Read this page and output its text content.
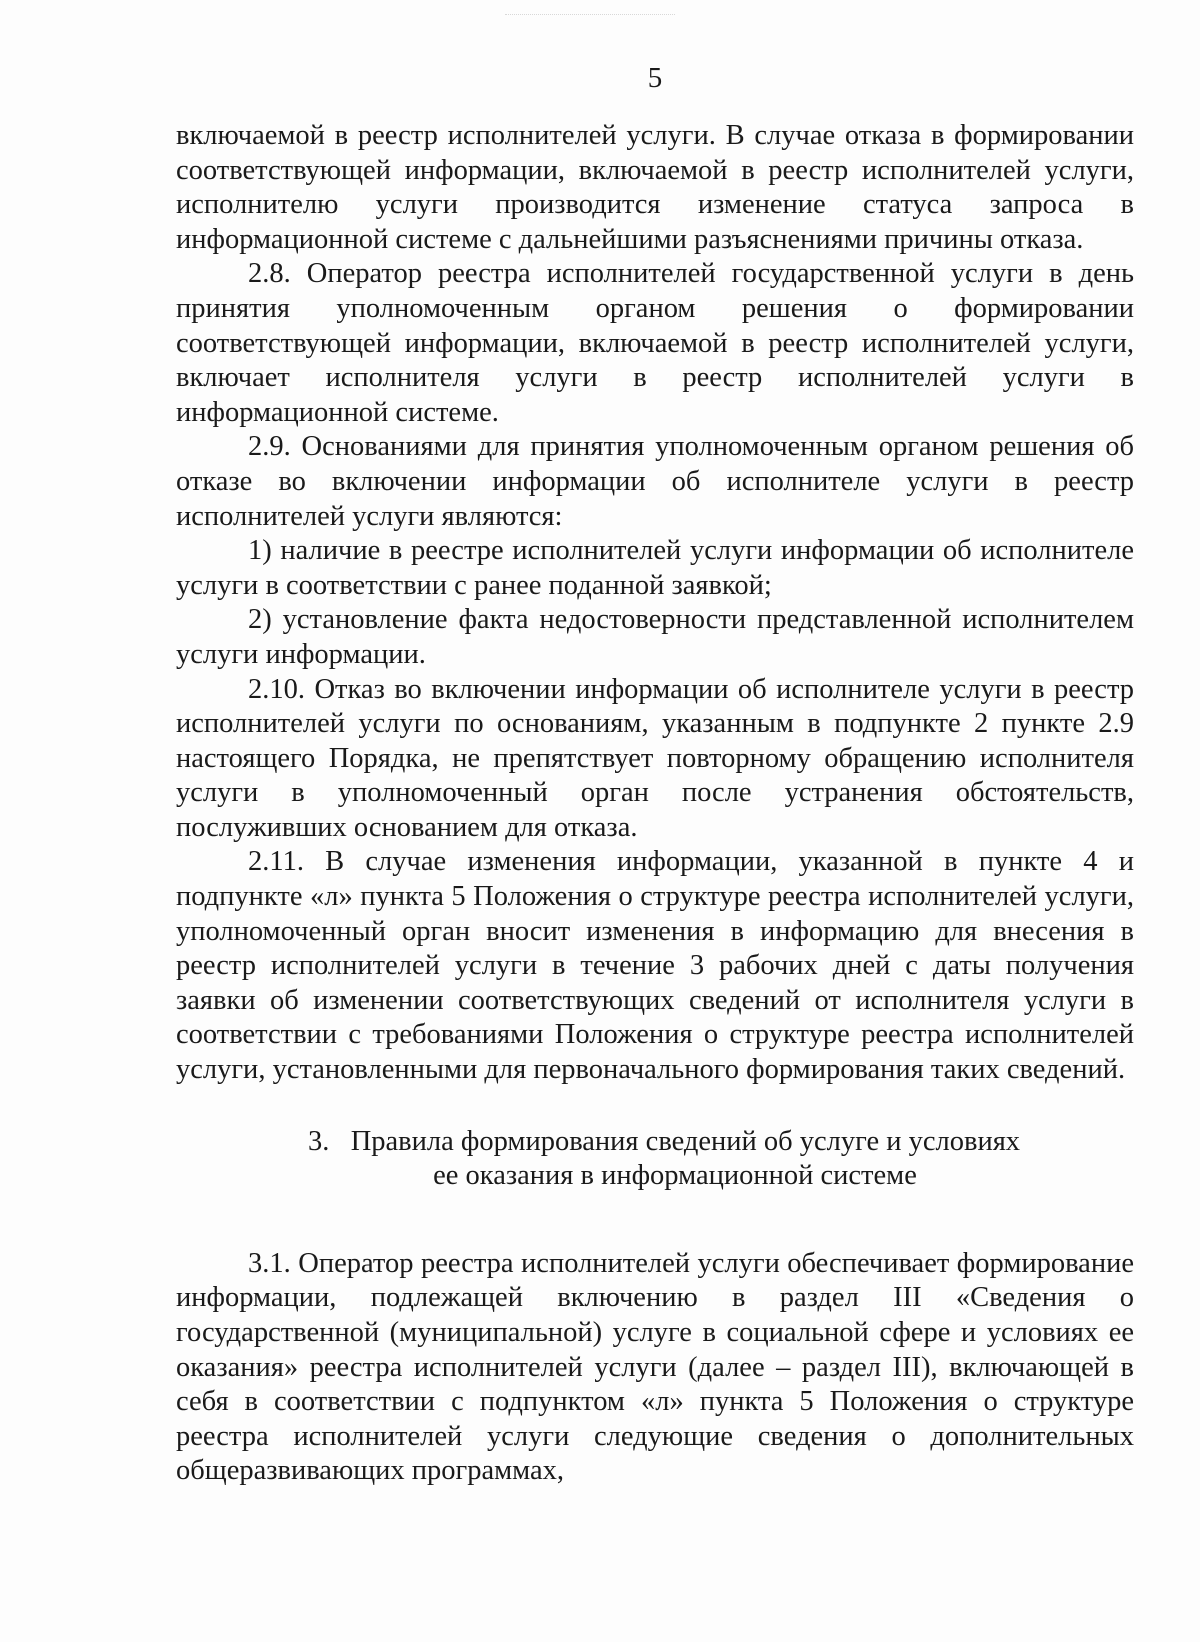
5

включаемой в реестр исполнителей услуги. В случае отказа в формировании соответствующей информации, включаемой в реестр исполнителей услуги, исполнителю услуги производится изменение статуса запроса в информационной системе с дальнейшими разъяснениями причины отказа.

2.8. Оператор реестра исполнителей государственной услуги в день принятия уполномоченным органом решения о формировании соответствующей информации, включаемой в реестр исполнителей услуги, включает исполнителя услуги в реестр исполнителей услуги в информационной системе.

2.9. Основаниями для принятия уполномоченным органом решения об отказе во включении информации об исполнителе услуги в реестр исполнителей услуги являются:

1) наличие в реестре исполнителей услуги информации об исполнителе услуги в соответствии с ранее поданной заявкой;

2) установление факта недостоверности представленной исполнителем услуги информации.

2.10. Отказ во включении информации об исполнителе услуги в реестр исполнителей услуги по основаниям, указанным в подпункте 2 пункте 2.9 настоящего Порядка, не препятствует повторному обращению исполнителя услуги в уполномоченный орган после устранения обстоятельств, послуживших основанием для отказа.

2.11. В случае изменения информации, указанной в пункте 4 и подпункте «л» пункта 5 Положения о структуре реестра исполнителей услуги, уполномоченный орган вносит изменения в информацию для внесения в реестр исполнителей услуги в течение 3 рабочих дней с даты получения заявки об изменении соответствующих сведений от исполнителя услуги в соответствии с требованиями Положения о структуре реестра исполнителей услуги, установленными для первоначального формирования таких сведений.

3.   Правила формирования сведений об услуге и условиях
ее оказания в информационной системе

3.1. Оператор реестра исполнителей услуги обеспечивает формирование информации, подлежащей включению в раздел III «Сведения о государственной (муниципальной) услуге в социальной сфере и условиях ее оказания» реестра исполнителей услуги (далее – раздел III), включающей в себя в соответствии с подпунктом «л» пункта 5 Положения о структуре реестра исполнителей услуги следующие сведения о дополнительных общеразвивающих программах,
